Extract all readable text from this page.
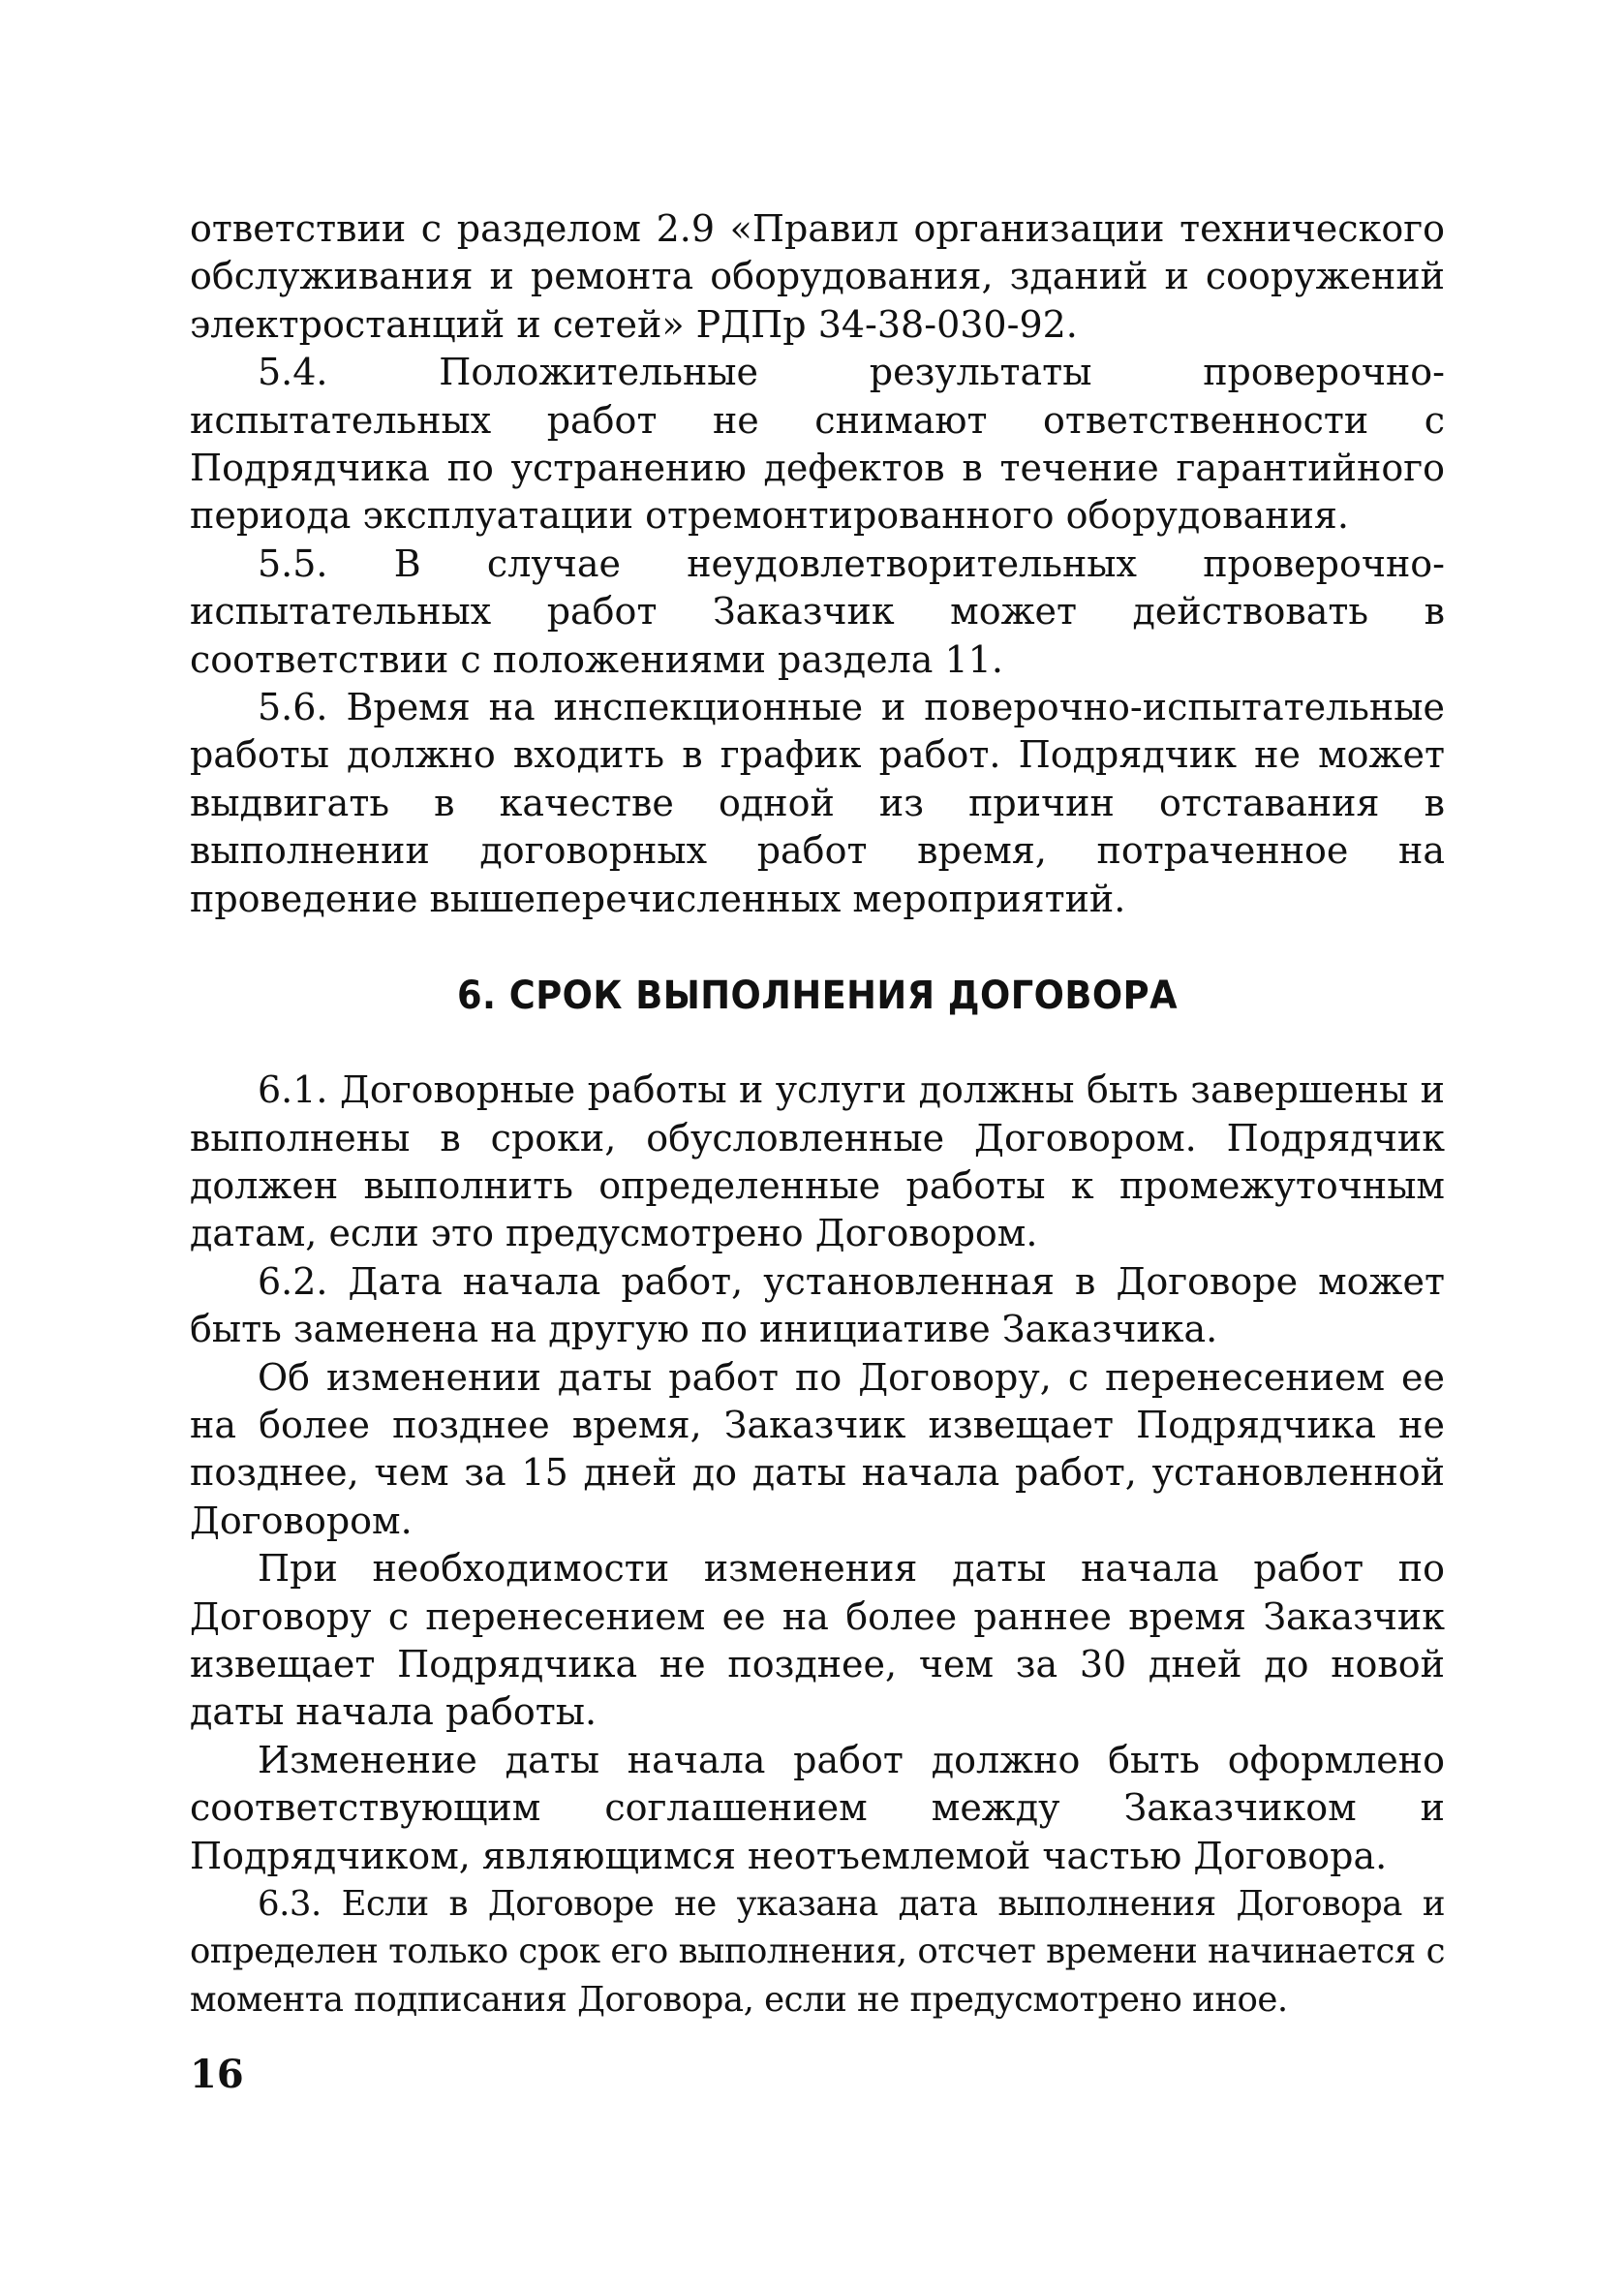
ответствии с разделом 2.9 «Правил организации технического обслуживания и ремонта оборудования, зданий и сооружений электростанций и сетей» РДПр 34-38-030-92.

5.4. Положительные результаты проверочно-испытательных работ не снимают ответственности с Подрядчика по устранению дефектов в течение гарантийного периода эксплуатации отремонтированного оборудования.

5.5. В случае неудовлетворительных проверочно-испытательных работ Заказчик может действовать в соответствии с положениями раздела 11.

5.6. Время на инспекционные и поверочно-испытательные работы должно входить в график работ. Подрядчик не может выдвигать в качестве одной из причин отставания в выполнении договорных работ время, потраченное на проведение вышеперечисленных мероприятий.

6. СРОК ВЫПОЛНЕНИЯ ДОГОВОРА

6.1. Договорные работы и услуги должны быть завершены и выполнены в сроки, обусловленные Договором. Подрядчик должен выполнить определенные работы к промежуточным датам, если это предусмотрено Договором.

6.2. Дата начала работ, установленная в Договоре может быть заменена на другую по инициативе Заказчика.

Об изменении даты работ по Договору, с перенесением ее на более позднее время, Заказчик извещает Подрядчика не позднее, чем за 15 дней до даты начала работ, установленной Договором.

При необходимости изменения даты начала работ по Договору с перенесением ее на более раннее время Заказчик извещает Подрядчика не позднее, чем за 30 дней до новой даты начала работы.

Изменение даты начала работ должно быть оформлено соответствующим соглашением между Заказчиком и Подрядчиком, являющимся неотъемлемой частью Договора.

6.3. Если в Договоре не указана дата выполнения Договора и определен только срок его выполнения, отсчет времени начинается с момента подписания Договора, если не предусмотрено иное.

16
